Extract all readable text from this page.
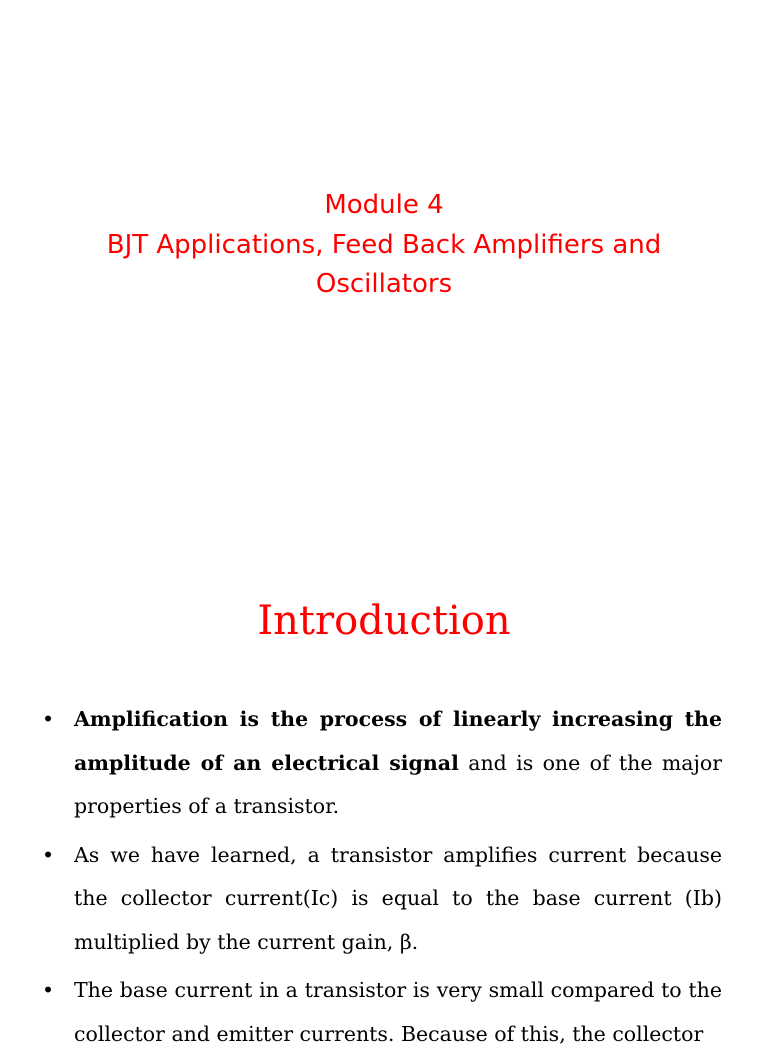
Module 4
BJT Applications, Feed Back Amplifiers and
Oscillators
Introduction
• Amplification is the process of linearly increasing the amplitude of an electrical signal and is one of the major properties of a transistor.
• As we have learned, a transistor amplifies current because the collector current(Ic) is equal to the base current (Ib) multiplied by the current gain, β.
• The base current in a transistor is very small compared to the collector and emitter currents. Because of this, the collector
